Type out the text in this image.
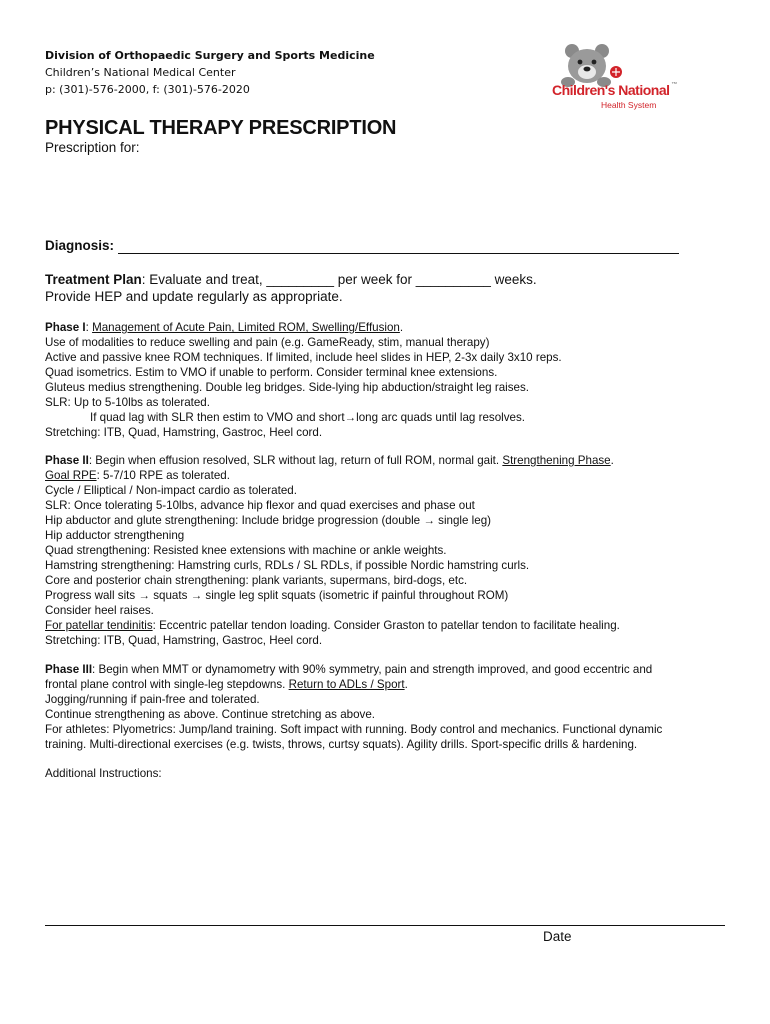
Division of Orthopaedic Surgery and Sports Medicine

Children’s National Medical Center

p: (301)-576-2000, f: (301)-576-2020	Children's National ™
Health System
PHYSICAL THERAPY PRESCRIPTION
Prescription for:
Diagnosis:

Treatment Plan: Evaluate and treat, _________ per week for __________ weeks.

Provide HEP and update regularly as appropriate.

Phase I: Management of Acute Pain, Limited ROM, Swelling/Effusion.

Use of modalities to reduce swelling and pain (e.g. GameReady, stim, manual therapy)

Active and passive knee ROM techniques. If limited, include heel slides in HEP, 2-3x daily 3x10 reps.

Quad isometrics. Estim to VMO if unable to perform. Consider terminal knee extensions.

Gluteus medius strengthening. Double leg bridges. Side-lying hip abduction/straight leg raises.

SLR: Up to 5-10lbs as tolerated.

If quad lag with SLR then estim to VMO and short→long arc quads until lag resolves.

Stretching: ITB, Quad, Hamstring, Gastroc, Heel cord.

Phase II: Begin when effusion resolved, SLR without lag, return of full ROM, normal gait. Strengthening Phase.

Goal RPE: 5-7/10 RPE as tolerated.

Cycle / Elliptical / Non-impact cardio as tolerated.

SLR: Once tolerating 5-10lbs, advance hip flexor and quad exercises and phase out

Hip abductor and glute strengthening: Include bridge progression (double → single leg)

Hip adductor strengthening

Quad strengthening: Resisted knee extensions with machine or ankle weights.

Hamstring strengthening: Hamstring curls, RDLs / SL RDLs, if possible Nordic hamstring curls.

Core and posterior chain strengthening: plank variants, supermans, bird-dogs, etc.

Progress wall sits → squats → single leg split squats (isometric if painful throughout ROM)

Consider heel raises.

For patellar tendinitis: Eccentric patellar tendon loading. Consider Graston to patellar tendon to facilitate healing.

Stretching: ITB, Quad, Hamstring, Gastroc, Heel cord.

Phase III: Begin when MMT or dynamometry with 90% symmetry, pain and strength improved, and good eccentric and

frontal plane control with single-leg stepdowns. Return to ADLs / Sport.

Jogging/running if pain-free and tolerated.

Continue strengthening as above. Continue stretching as above.

For athletes: Plyometrics: Jump/land training. Soft impact with running. Body control and mechanics. Functional dynamic

training. Multi-directional exercises (e.g. twists, throws, curtsy squats). Agility drills. Sport-specific drills & hardening.

Additional Instructions:
Date
